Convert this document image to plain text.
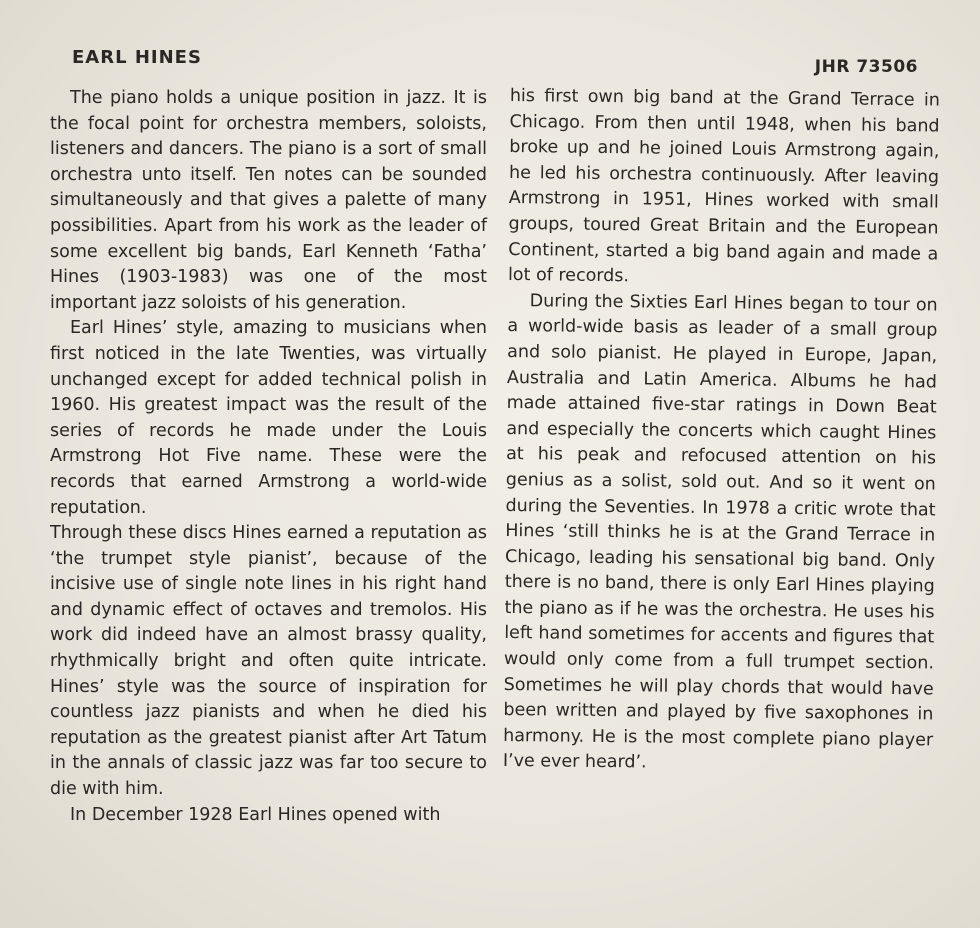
EARL HINES	JHR 73506

The piano holds a unique position in jazz. It is the focal point for orchestra members, soloists, listeners and dancers. The piano is a sort of small orchestra unto itself. Ten notes can be sounded simultaneously and that gives a palette of many possibilities. Apart from his work as the leader of some excellent big bands, Earl Kenneth ‘Fatha’ Hines (1903-1983) was one of the most important jazz soloists of his generation.

Earl Hines’ style, amazing to musicians when first noticed in the late Twenties, was virtually unchanged except for added technical polish in 1960. His greatest impact was the result of the series of records he made under the Louis Armstrong Hot Five name. These were the records that earned Armstrong a world-wide reputation.

Through these discs Hines earned a reputation as ‘the trumpet style pianist’, because of the incisive use of single note lines in his right hand and dynamic effect of octaves and tremolos. His work did indeed have an almost brassy quality, rhythmically bright and often quite intricate. Hines’ style was the source of inspiration for countless jazz pianists and when he died his reputation as the greatest pianist after Art Tatum in the annals of classic jazz was far too secure to die with him.

In December 1928 Earl Hines opened with

his first own big band at the Grand Terrace in Chicago. From then until 1948, when his band broke up and he joined Louis Armstrong again, he led his orchestra continuously. After leaving Armstrong in 1951, Hines worked with small groups, toured Great Britain and the European Continent, started a big band again and made a lot of records.

During the Sixties Earl Hines began to tour on a world-wide basis as leader of a small group and solo pianist. He played in Europe, Japan, Australia and Latin America. Albums he had made attained five-star ratings in Down Beat and especially the concerts which caught Hines at his peak and refocused attention on his genius as a solist, sold out. And so it went on during the Seventies. In 1978 a critic wrote that Hines ‘still thinks he is at the Grand Terrace in Chicago, leading his sensational big band. Only there is no band, there is only Earl Hines playing the piano as if he was the orchestra. He uses his left hand sometimes for accents and figures that would only come from a full trumpet section. Sometimes he will play chords that would have been written and played by five saxophones in harmony. He is the most complete piano player I’ve ever heard’.
